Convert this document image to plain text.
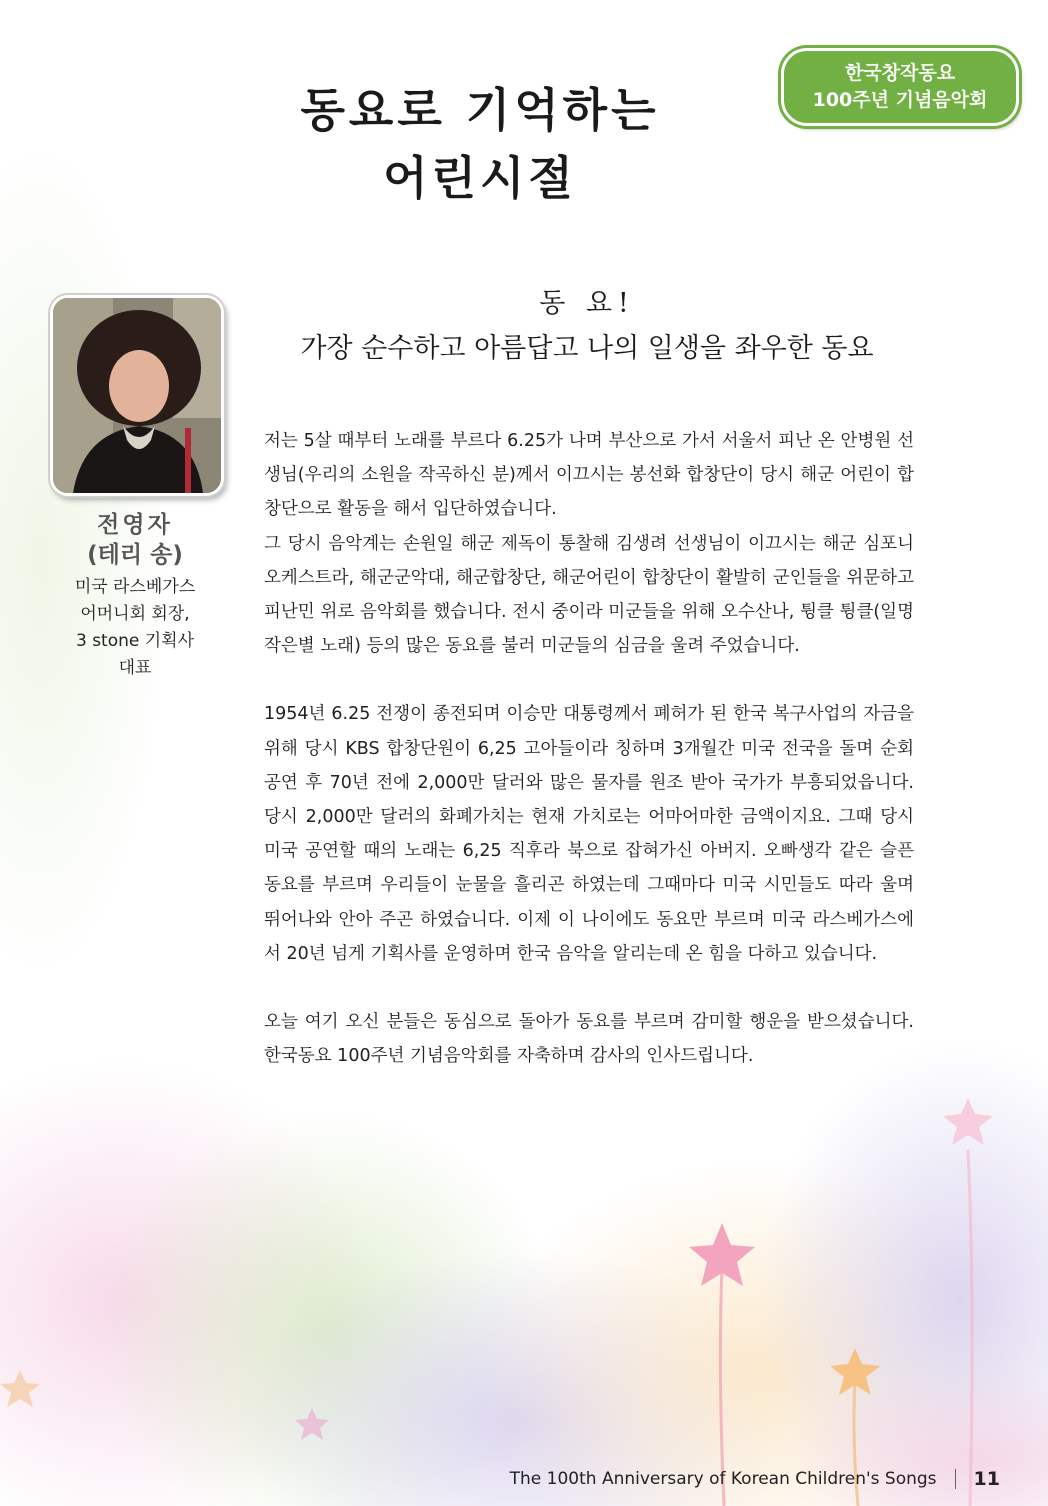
한국창작동요
100주년 기념음악회
동요로 기억하는
어린시절
전영자
(테리 송)
미국 라스베가스
어머니회 회장,
3 stone 기획사
대표
동 요!
가장 순수하고 아름답고 나의 일생을 좌우한 동요

저는 5살 때부터 노래를 부르다 6.25가 나며 부산으로 가서 서울서 피난 온 안병원 선생님(우리의 소원을 작곡하신 분)께서 이끄시는 봉선화 합창단이 당시 해군 어린이 합창단으로 활동을 해서 입단하였습니다.

그 당시 음악계는 손원일 해군 제독이 통찰해 김생려 선생님이 이끄시는 해군 심포니오케스트라, 해군군악대, 해군합창단, 해군어린이 합창단이 활발히 군인들을 위문하고 피난민 위로 음악회를 했습니다. 전시 중이라 미군들을 위해 오수산나, 튕클 튕클(일명 작은별 노래) 등의 많은 동요를 불러 미군들의 심금을 울려 주었습니다.

1954년 6.25 전쟁이 종전되며 이승만 대통령께서 폐허가 된 한국 복구사업의 자금을 위해 당시 KBS 합창단원이 6,25 고아들이라 칭하며 3개월간 미국 전국을 돌며 순회공연 후 70년 전에 2,000만 달러와 많은 물자를 원조 받아 국가가 부흥되었읍니다. 당시 2,000만 달러의 화폐가치는 현재 가치로는 어마어마한 금액이지요. 그때 당시 미국 공연할 때의 노래는 6,25 직후라 북으로 잡혀가신 아버지. 오빠생각 같은 슬픈 동요를 부르며 우리들이 눈물을 흘리곤 하였는데 그때마다 미국 시민들도 따라 울며 뛰어나와 안아 주곤 하였습니다. 이제 이 나이에도 동요만 부르며 미국 라스베가스에서 20년 넘게 기획사를 운영하며 한국 음악을 알리는데 온 힘을 다하고 있습니다.

오늘 여기 오신 분들은 동심으로 돌아가 동요를 부르며 감미할 행운을 받으셨습니다. 한국동요 100주년 기념음악회를 자축하며 감사의 인사드립니다.

The 100th Anniversary of Korean Children's Songs 11
